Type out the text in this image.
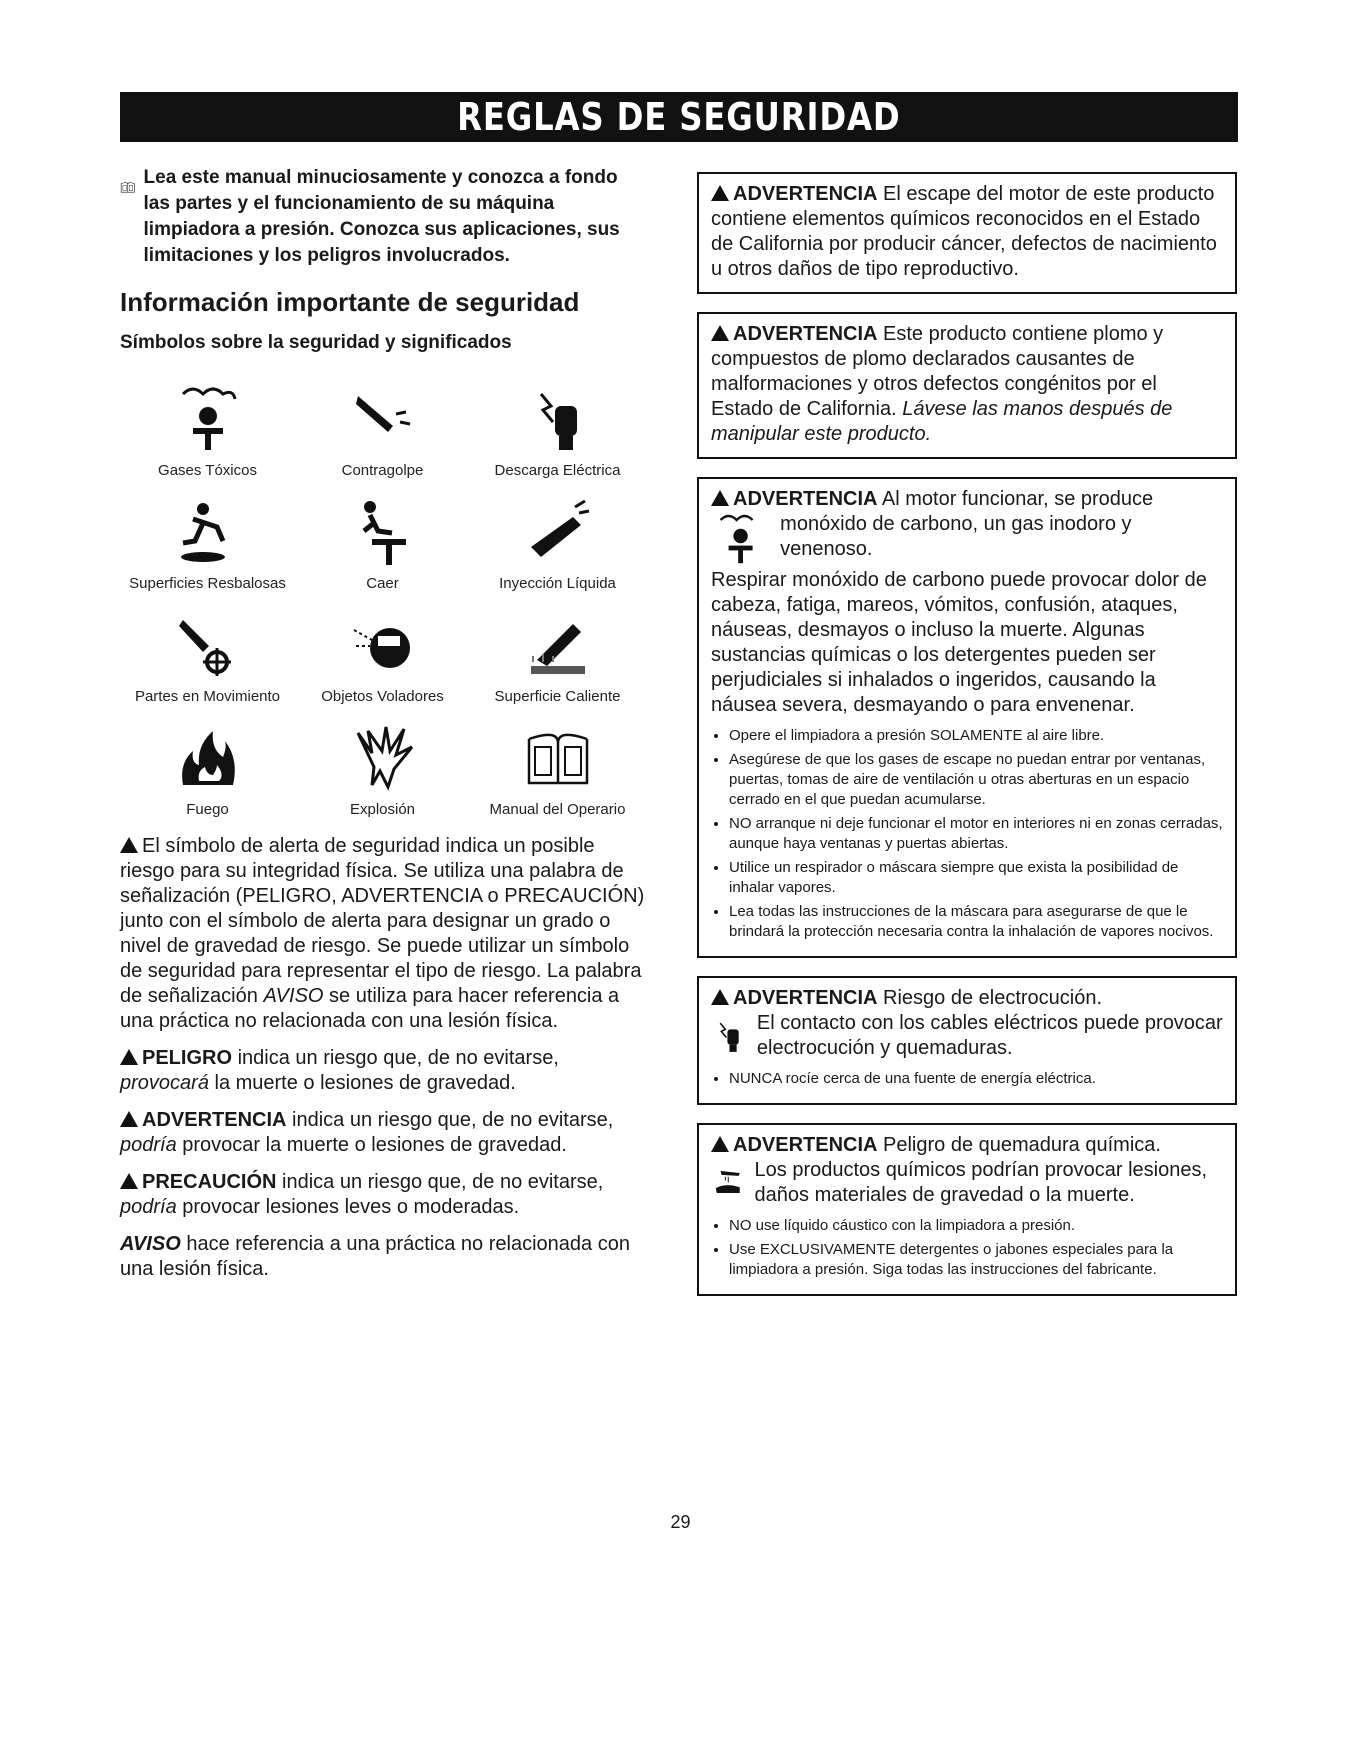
REGLAS DE SEGURIDAD

Lea este manual minuciosamente y conozca a fondo las partes y el funcionamiento de su máquina limpiadora a presión. Conozca sus aplicaciones, sus limitaciones y los peligros involucrados.

Información importante de seguridad
Símbolos sobre la seguridad y significados
Gases Tóxicos	Contragolpe	Descarga Eléctrica
Superficies Resbalosas	Caer	Inyección Líquida
Partes en Movimiento	Objetos Voladores	Superficie Caliente
Fuego	Explosión	Manual del Operario

El símbolo de alerta de seguridad indica un posible riesgo para su integridad física. Se utiliza una palabra de señalización (PELIGRO, ADVERTENCIA o PRECAUCIÓN) junto con el símbolo de alerta para designar un grado o nivel de gravedad de riesgo. Se puede utilizar un símbolo de seguridad para representar el tipo de riesgo. La palabra de señalización AVISO se utiliza para hacer referencia a una práctica no relacionada con una lesión física.

PELIGRO indica un riesgo que, de no evitarse, provocará la muerte o lesiones de gravedad.

ADVERTENCIA indica un riesgo que, de no evitarse, podría provocar la muerte o lesiones de gravedad.

PRECAUCIÓN indica un riesgo que, de no evitarse, podría provocar lesiones leves o moderadas.

AVISO hace referencia a una práctica no relacionada con una lesión física.

ADVERTENCIA El escape del motor de este producto contiene elementos químicos reconocidos en el Estado de California por producir cáncer, defectos de nacimiento u otros daños de tipo reproductivo.
ADVERTENCIA Este producto contiene plomo y compuestos de plomo declarados causantes de malformaciones y otros defectos congénitos por el Estado de California. Lávese las manos después de manipular este producto.
ADVERTENCIA Al motor funcionar, se produce
monóxido de carbono, un gas inodoro y venenoso.
Respirar monóxido de carbono puede provocar dolor de cabeza, fatiga, mareos, vómitos, confusión, ataques, náuseas, desmayos o incluso la muerte. Algunas sustancias químicas o los detergentes pueden ser perjudiciales si inhalados o ingeridos, causando la náusea severa, desmayando o para envenenar.
• Opere el limpiadora a presión SOLAMENTE al aire libre.
• Asegúrese de que los gases de escape no puedan entrar por ventanas, puertas, tomas de aire de ventilación u otras aberturas en un espacio cerrado en el que puedan acumularse.
• NO arranque ni deje funcionar el motor en interiores ni en zonas cerradas, aunque haya ventanas y puertas abiertas.
• Utilice un respirador o máscara siempre que exista la posibilidad de inhalar vapores.
• Lea todas las instrucciones de la máscara para asegurarse de que le brindará la protección necesaria contra la inhalación de vapores nocivos.
ADVERTENCIA Riesgo de electrocución.
El contacto con los cables eléctricos puede provocar electrocución y quemaduras.
• NUNCA rocíe cerca de una fuente de energía eléctrica.
ADVERTENCIA Peligro de quemadura química.
Los productos químicos podrían provocar lesiones, daños materiales de gravedad o la muerte.
• NO use líquido cáustico con la limpiadora a presión.
• Use EXCLUSIVAMENTE detergentes o jabones especiales para la limpiadora a presión. Siga todas las instrucciones del fabricante.
29
